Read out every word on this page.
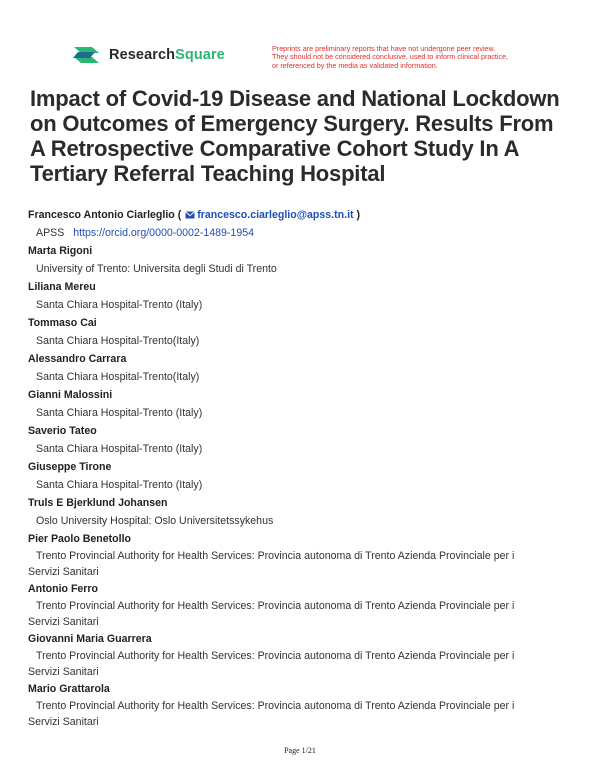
ResearchSquare	Preprints are preliminary reports that have not undergone peer review.
They should not be considered conclusive, used to inform clinical practice,
or referenced by the media as validated information.
Impact of Covid-19 Disease and National Lockdown
on Outcomes of Emergency Surgery. Results From
A Retrospective Comparative Cohort Study In A
Tertiary Referral Teaching Hospital
Francesco Antonio Ciarleglio ( francesco.ciarleglio@apss.tn.it )
APSS https://orcid.org/0000-0002-1489-1954
Marta Rigoni
University of Trento: Universita degli Studi di Trento
Liliana Mereu
Santa Chiara Hospital-Trento (Italy)
Tommaso Cai
Santa Chiara Hospital-Trento(Italy)
Alessandro Carrara
Santa Chiara Hospital-Trento(Italy)
Gianni Malossini
Santa Chiara Hospital-Trento (Italy)
Saverio Tateo
Santa Chiara Hospital-Trento (Italy)
Giuseppe Tirone
Santa Chiara Hospital-Trento (Italy)
Truls E Bjerklund Johansen
Oslo University Hospital: Oslo Universitetssykehus
Pier Paolo Benetollo
Trento Provincial Authority for Health Services: Provincia autonoma di Trento Azienda Provinciale per i
Servizi Sanitari
Antonio Ferro
Trento Provincial Authority for Health Services: Provincia autonoma di Trento Azienda Provinciale per i
Servizi Sanitari
Giovanni Maria Guarrera
Trento Provincial Authority for Health Services: Provincia autonoma di Trento Azienda Provinciale per i
Servizi Sanitari
Mario Grattarola
Trento Provincial Authority for Health Services: Provincia autonoma di Trento Azienda Provinciale per i
Servizi Sanitari
Page 1/21
